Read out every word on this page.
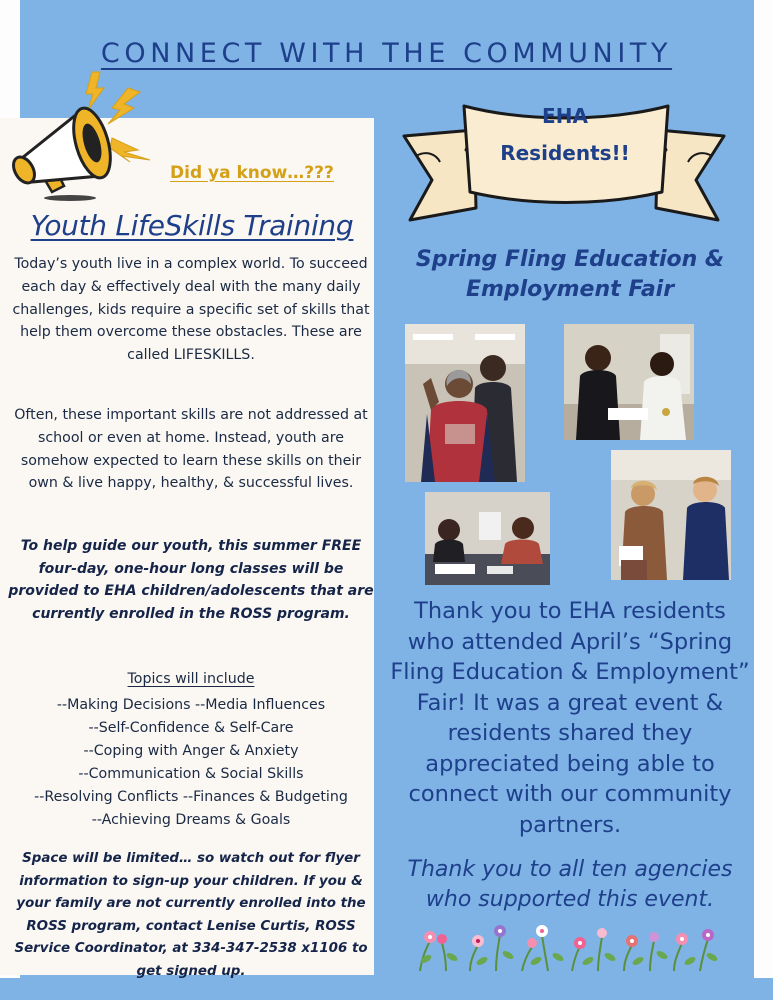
CONNECT WITH THE COMMUNITY

Did ya know…???

Youth LifeSkills Training

Today’s youth live in a complex world. To succeed each day & effectively deal with the many daily challenges, kids require a specific set of skills that help them overcome these obstacles. These are called LIFESKILLS.

Often, these important skills are not addressed at school or even at home. Instead, youth are somehow expected to learn these skills on their own & live happy, healthy, & successful lives.

To help guide our youth, this summer FREE four-day, one-hour long classes will be provided to EHA children/adolescents that are currently enrolled in the ROSS program.

Topics will include

--Making Decisions --Media Influences
--Self-Confidence & Self-Care
--Coping with Anger & Anxiety
--Communication & Social Skills
--Resolving Conflicts --Finances & Budgeting
--Achieving Dreams & Goals

Space will be limited… so watch out for flyer information to sign-up your children. If you & your family are not currently enrolled into the ROSS program, contact Lenise Curtis, ROSS Service Coordinator, at 334-347-2538 x1106 to get signed up.

EHA

Residents!!

Spring Fling Education & Employment Fair

Thank you to EHA residents who attended April’s “Spring Fling Education & Employment” Fair! It was a great event & residents shared they appreciated being able to connect with our community partners.

Thank you to all ten agencies who supported this event.
